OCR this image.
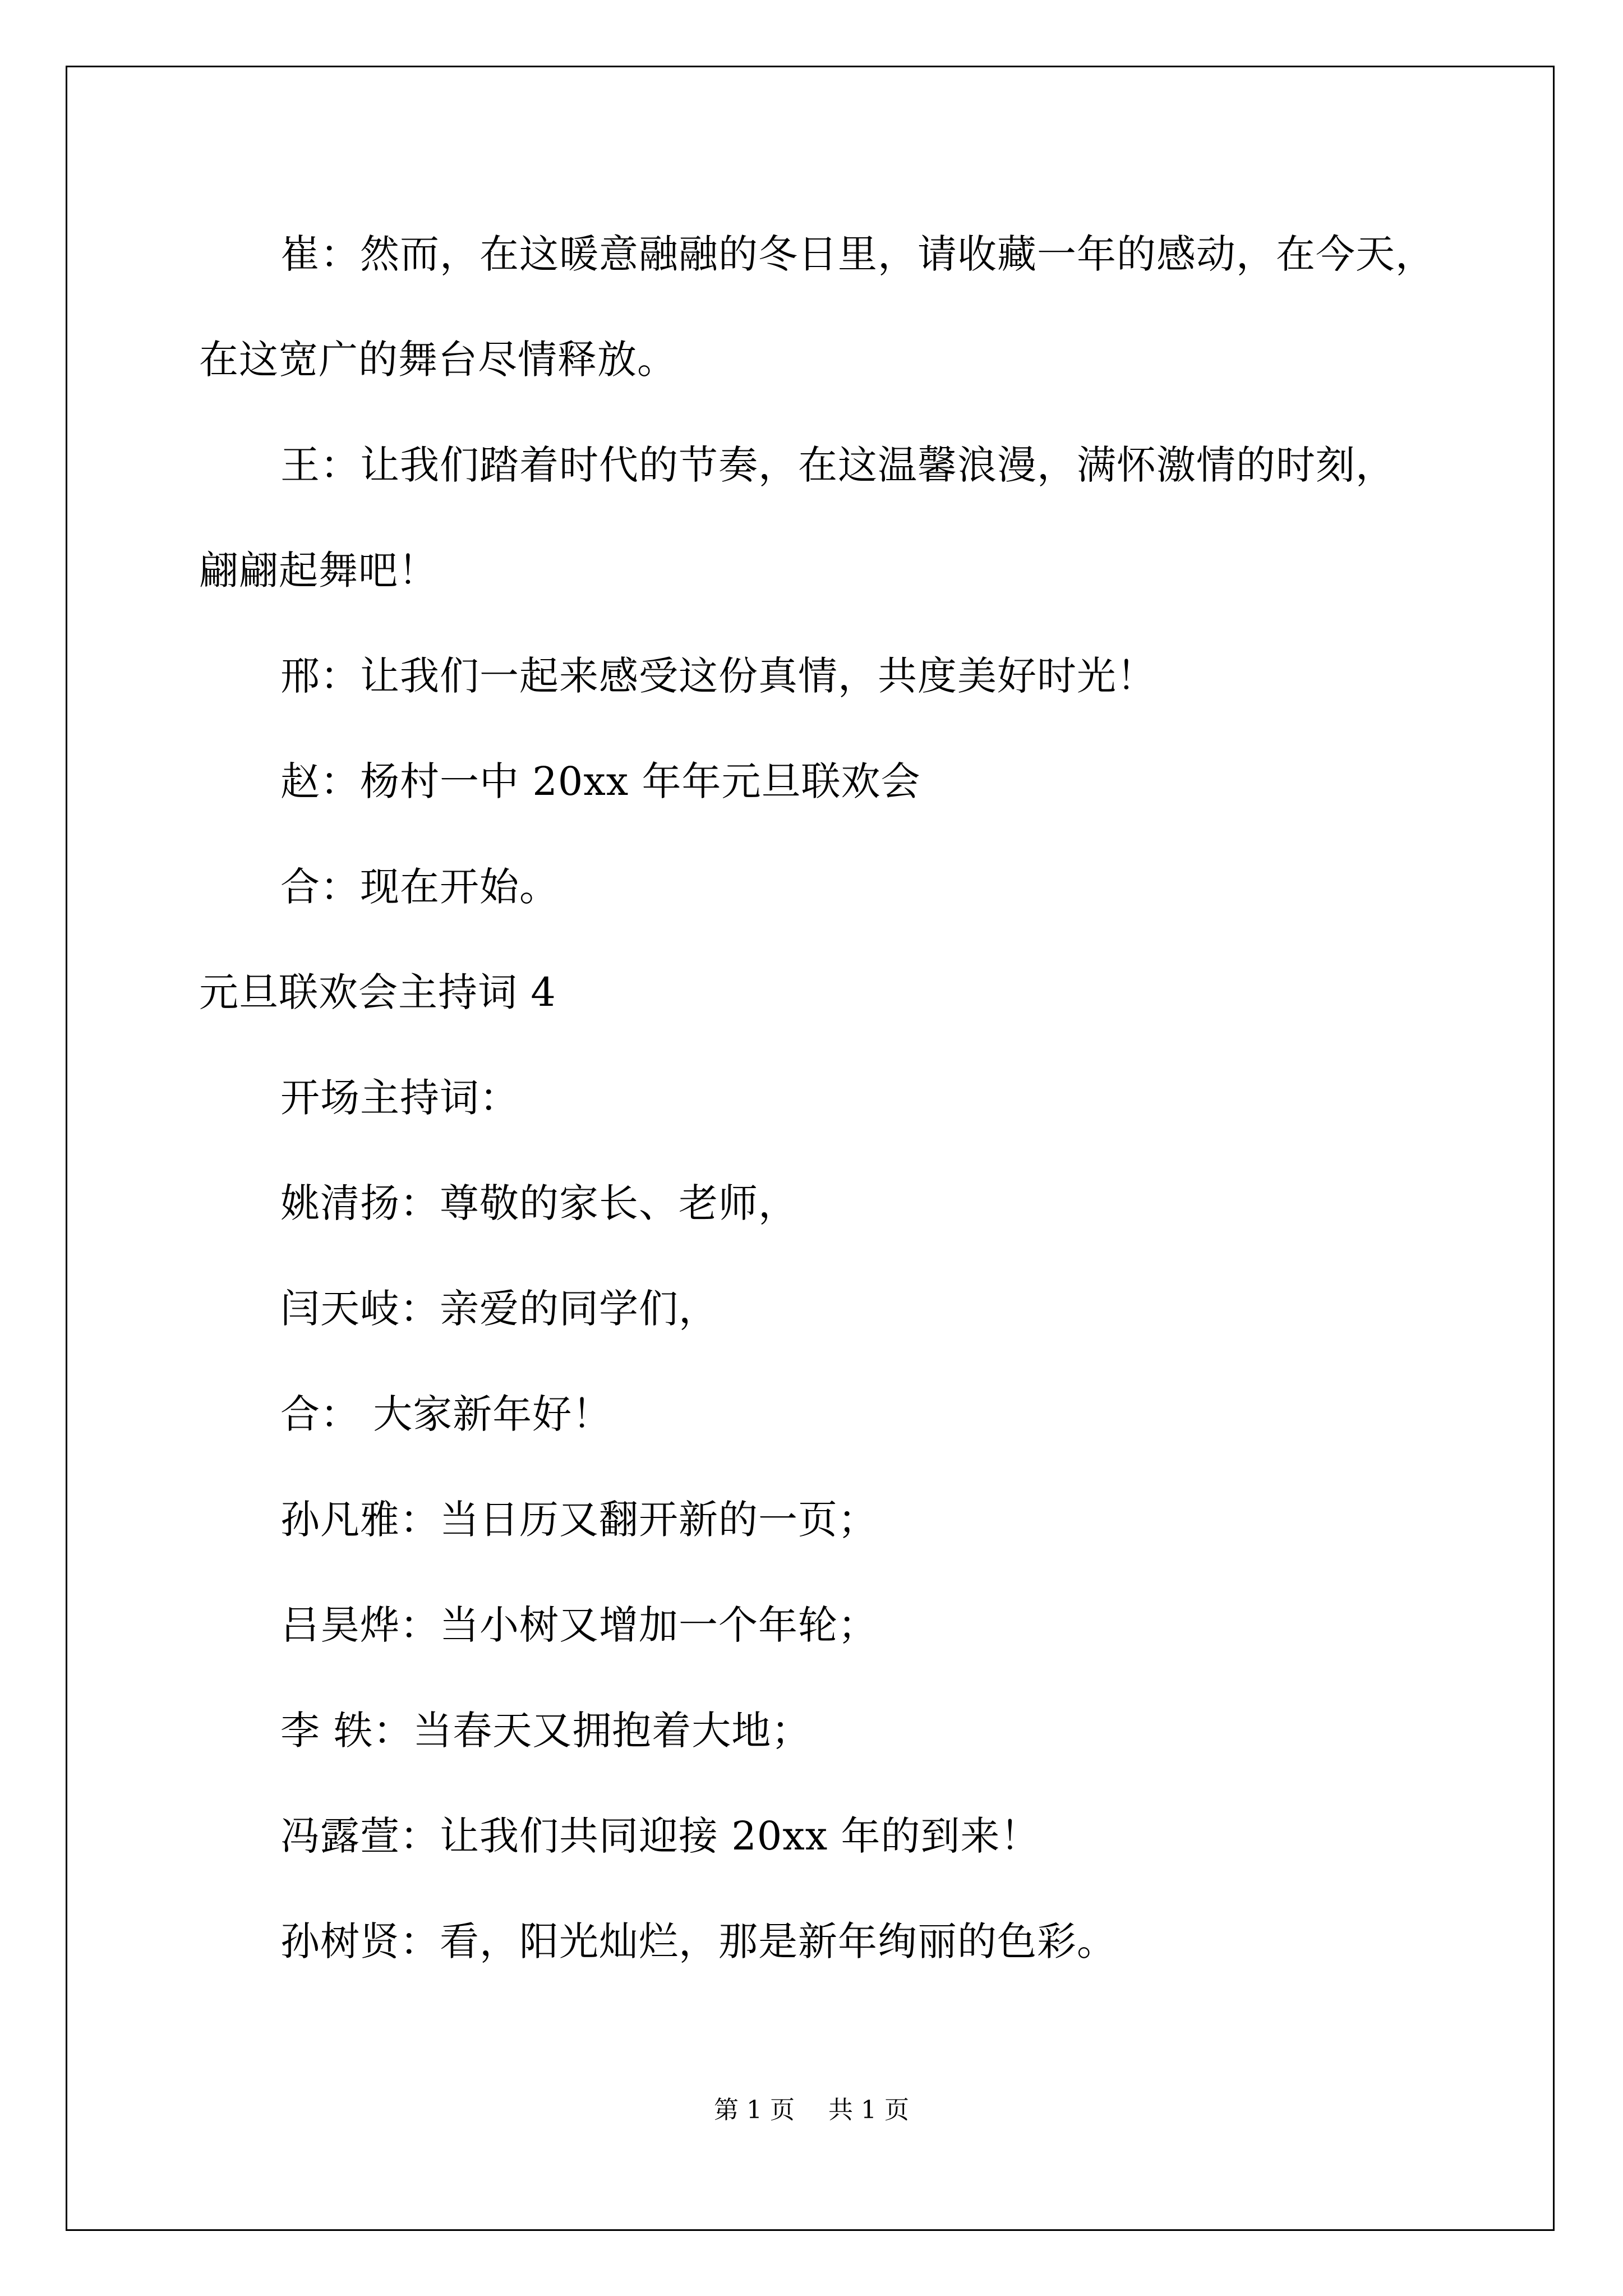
崔：然而，在这暖意融融的冬日里，请收藏一年的感动，在今天，
在这宽广的舞台尽情释放。
王：让我们踏着时代的节奏，在这温馨浪漫，满怀激情的时刻，
翩翩起舞吧！
邢：让我们一起来感受这份真情，共度美好时光！
赵：杨村一中 20xx 年年元旦联欢会
合：现在开始。
元旦联欢会主持词 4
开场主持词：
姚清扬：尊敬的家长、老师，
闫天岐：亲爱的同学们，
合： 大家新年好！
孙凡雅：当日历又翻开新的一页；
吕昊烨：当小树又增加一个年轮；
李 轶：当春天又拥抱着大地；
冯露萱：让我们共同迎接 20xx 年的到来！
孙树贤：看，阳光灿烂，那是新年绚丽的色彩。
第 1 页 共 1 页
